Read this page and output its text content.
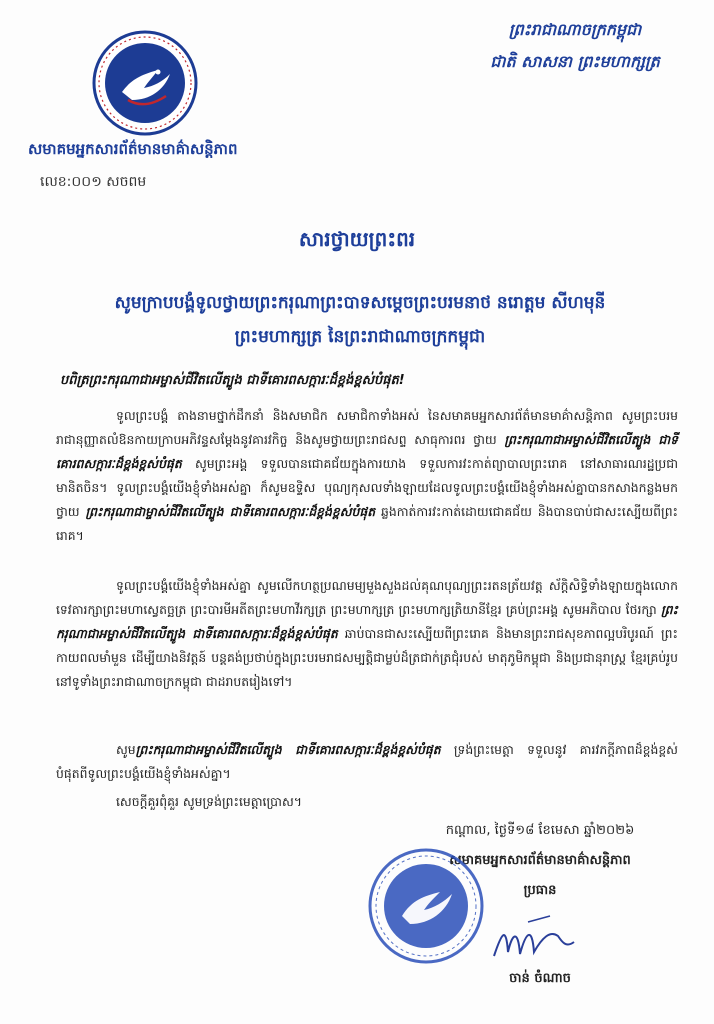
ព្រះរាជាណាចក្រកម្ពុជា
ជាតិ សាសនា ព្រះមហាក្សត្រ
សមាគមអ្នកសារព័ត៌មានមាគ៌ាសន្តិភាព
លេខ:០០១ សចពម
សារថ្វាយព្រះពរ
សូមក្រាបបង្គំទូលថ្វាយព្រះករុណាព្រះបាទសម្តេចព្រះបរមនាថ នរោត្តម សីហមុនី
ព្រះមហាក្សត្រ នៃព្រះរាជាណាចក្រកម្ពុជា
បពិត្រព្រះករុណាជាអម្ចាស់ជីវិតលើត្បូង ជាទីគោរពសក្ការៈដ៏ខ្ពង់ខ្ពស់បំផុត!
ទូលព្រះបង្គំ តាងនាមថ្នាក់ដឹកនាំ និងសមាជិក សមាជិកាទាំងអស់ នៃសមាគមអ្នកសារព័ត៌មានមាគ៌ាសន្តិភាព សូមព្រះបរមរាជានុញ្ញាតលំឱនកាយក្រាបអភិវន្ទសម្តែងនូវគារវកិច្ច និងសូមថ្វាយព្រះរាជសព្ទ សាធុការពរ ថ្វាយ ព្រះករុណាជាអម្ចាស់ជីវិតលើត្បូង ជាទីគោរពសក្ការៈដ៏ខ្ពង់ខ្ពស់បំផុត សូមព្រះអង្គ ទទួលបានជោគជ័យក្នុងការយាង ទទួលការវះកាត់ព្យាបាលព្រះរោគ នៅសាធារណរដ្ឋប្រជាមានិតចិន។ ទូលព្រះបង្គំយើងខ្ញុំទាំងអស់គ្នា ក៏សូមឧទ្ទិស បុណ្យកុសលទាំងឡាយដែលទូលព្រះបង្គំយើងខ្ញុំទាំងអស់គ្នាបានកសាងកន្លងមកថ្វាយ ព្រះករុណាជាម្ចាស់ជីវិតលើត្បូង ជាទីគោរពសក្ការៈដ៏ខ្ពង់ខ្ពស់បំផុត ឆ្លងកាត់ការវះកាត់ដោយជោគជ័យ និងបានបាប់ជាសះស្បើយពីព្រះរោគ។
ទូលព្រះបង្គំយើងខ្ញុំទាំងអស់គ្នា សូមលើកហត្ថប្រណមម្យមួងសួងដល់គុណបុណ្យព្រះរតនត្រ័យវត្ត ស័ក្តិសិទ្ធិទាំងឡាយក្នុងលោក ទេវតារក្សាព្រះមហាស្វេតច្ឆត្រ ព្រះបារមីអតីតព្រះមហាវីរក្សត្រ ព្រះមហាក្សត្រ ព្រះមហាក្សត្រិយានីខ្មែរ គ្រប់ព្រះអង្គ សូមអភិបាល ថែរក្សា ព្រះករុណាជាអម្ចាស់ជីវិតលើត្បូង ជាទីគោរពសក្ការៈដ៏ខ្ពង់ខ្ពស់បំផុត ឆាប់បានជាសះស្បើយពីព្រះរោគ និងមានព្រះរាជសុខភាពល្អបរិបូរណ៍ ព្រះកាយពលមាំមួន ដើម្បីយាងនិវត្តន៍ បន្តគង់ប្រថាប់ក្នុងព្រះបរមរាជសម្បត្តិជាម្លប់ដ៏ត្រជាក់ត្រជុំរបស់ មាតុភូមិកម្ពុជា និងប្រជានុរាស្ត្រ ខ្មែរគ្រប់រូប នៅទូទាំងព្រះរាជាណាចក្រកម្ពុជា ជាដរាបតរៀងទៅ។
សូមព្រះករុណាជាអម្ចាស់ជីវិតលើត្បូង ជាទីគោរពសក្ការៈដ៏ខ្ពង់ខ្ពស់បំផុត ទ្រង់ព្រះមេត្តា ទទួលនូវ គារវភក្តីភាពដ៏ខ្ពង់ខ្ពស់បំផុតពីទូលព្រះបង្គំយើងខ្ញុំទាំងអស់គ្នា។
សេចក្តីគួរពុំគួរ សូមទ្រង់ព្រះមេត្តាប្រោស។
កណ្តាល, ថ្ងៃទី១៨ ខែមេសា ឆ្នាំ២០២៦
សមាគមអ្នកសារព័ត៌មានមាគ៌ាសន្តិភាព
ប្រធាន
ចាន់ ចំណាច
